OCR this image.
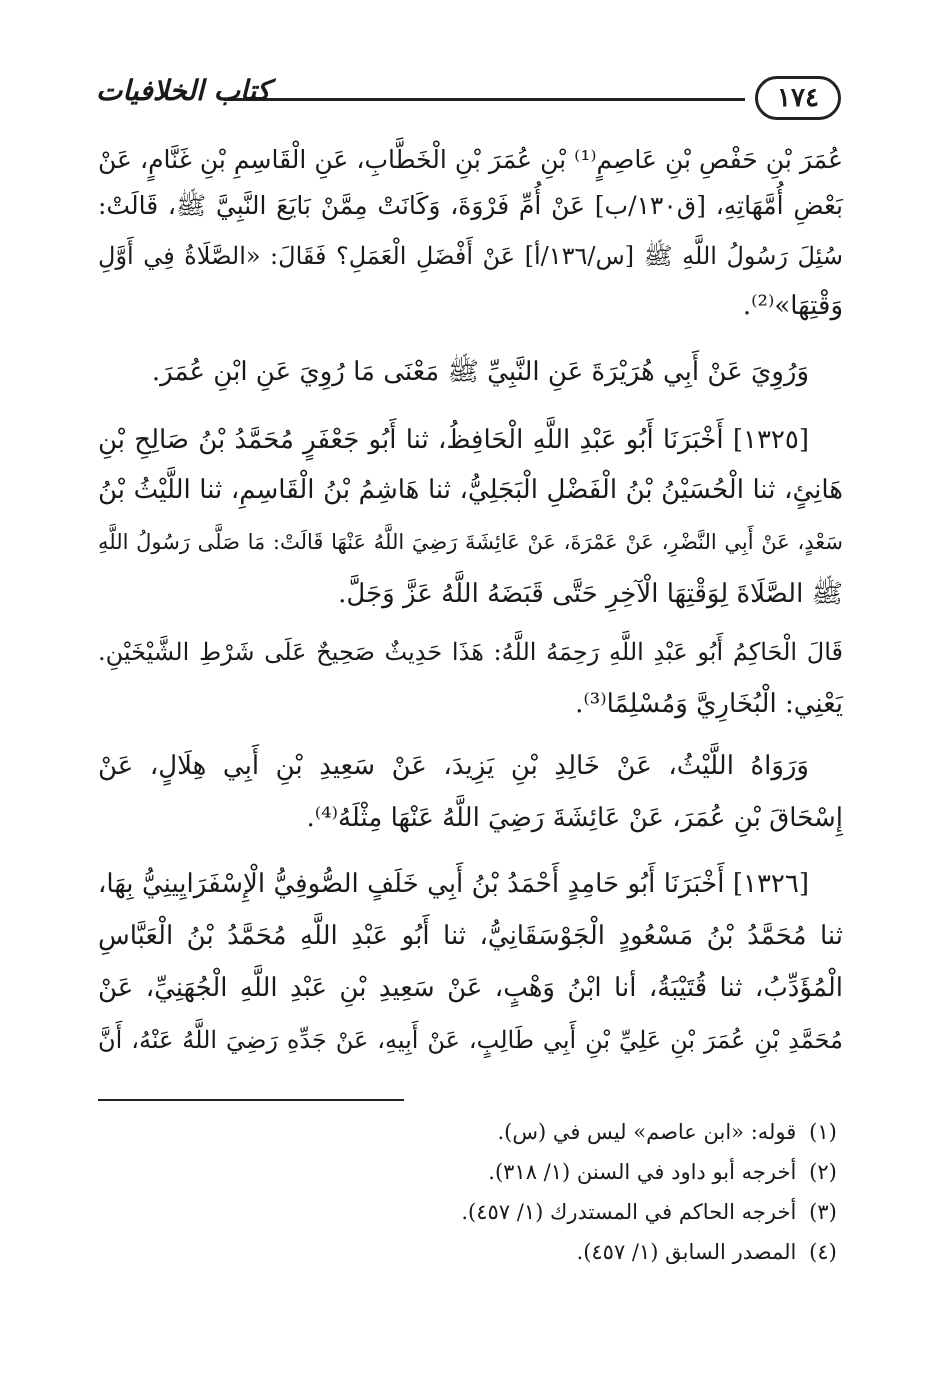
١٧٤
كتاب الخلافيات
عُمَرَ بْنِ حَفْصِ بْنِ عَاصِمٍ⁽¹⁾ بْنِ عُمَرَ بْنِ الْخَطَّابِ، عَنِ الْقَاسِمِ بْنِ غَنَّامٍ، عَنْ
بَعْضِ أُمَّهَاتِهِ، [ق١٣٠/ب] عَنْ أُمِّ فَرْوَةَ، وَكَانَتْ مِمَّنْ بَايَعَ النَّبِيَّ ﷺ، قَالَتْ:
سُئِلَ رَسُولُ اللَّهِ ﷺ [س/١٣٦/أ] عَنْ أَفْضَلِ الْعَمَلِ؟ فَقَالَ: «الصَّلَاةُ فِي أَوَّلِ
وَقْتِهَا»⁽²⁾.
وَرُوِيَ عَنْ أَبِي هُرَيْرَةَ عَنِ النَّبِيِّ ﷺ مَعْنَى مَا رُوِيَ عَنِ ابْنِ عُمَرَ.
[١٣٢٥] أَخْبَرَنَا أَبُو عَبْدِ اللَّهِ الْحَافِظُ، ثنا أَبُو جَعْفَرٍ مُحَمَّدُ بْنُ صَالِحِ بْنِ
هَانِئٍ، ثنا الْحُسَيْنُ بْنُ الْفَضْلِ الْبَجَلِيُّ، ثنا هَاشِمُ بْنُ الْقَاسِمِ، ثنا اللَّيْثُ بْنُ
سَعْدٍ، عَنْ أَبِي النَّضْرِ، عَنْ عَمْرَةَ، عَنْ عَائِشَةَ رَضِيَ اللَّهُ عَنْهَا قَالَتْ: مَا صَلَّى رَسُولُ اللَّهِ
ﷺ الصَّلَاةَ لِوَقْتِهَا الْآخِرِ حَتَّى قَبَضَهُ اللَّهُ عَزَّ وَجَلَّ.
قَالَ الْحَاكِمُ أَبُو عَبْدِ اللَّهِ رَحِمَهُ اللَّهُ: هَذَا حَدِيثٌ صَحِيحٌ عَلَى شَرْطِ الشَّيْخَيْنِ.
يَعْنِي: الْبُخَارِيَّ وَمُسْلِمًا⁽³⁾.
وَرَوَاهُ اللَّيْثُ، عَنْ خَالِدِ بْنِ يَزِيدَ، عَنْ سَعِيدِ بْنِ أَبِي هِلَالٍ، عَنْ
إِسْحَاقَ بْنِ عُمَرَ، عَنْ عَائِشَةَ رَضِيَ اللَّهُ عَنْهَا مِثْلَهُ⁽⁴⁾.
[١٣٢٦] أَخْبَرَنَا أَبُو حَامِدٍ أَحْمَدُ بْنُ أَبِي خَلَفٍ الصُّوفِيُّ الْإِسْفَرَايِينِيُّ بِهَا،
ثنا مُحَمَّدُ بْنُ مَسْعُودٍ الْجَوْسَقَانِيُّ، ثنا أَبُو عَبْدِ اللَّهِ مُحَمَّدُ بْنُ الْعَبَّاسِ
الْمُؤَدِّبُ، ثنا قُتَيْبَةُ، أنا ابْنُ وَهْبٍ، عَنْ سَعِيدِ بْنِ عَبْدِ اللَّهِ الْجُهَنِيِّ، عَنْ
مُحَمَّدِ بْنِ عُمَرَ بْنِ عَلِيِّ بْنِ أَبِي طَالِبٍ، عَنْ أَبِيهِ، عَنْ جَدِّهِ رَضِيَ اللَّهُ عَنْهُ، أَنَّ
(١) قوله: «ابن عاصم» ليس في (س).
(٢) أخرجه أبو داود في السنن (١/ ٣١٨).
(٣) أخرجه الحاكم في المستدرك (١/ ٤٥٧).
(٤) المصدر السابق (١/ ٤٥٧).
